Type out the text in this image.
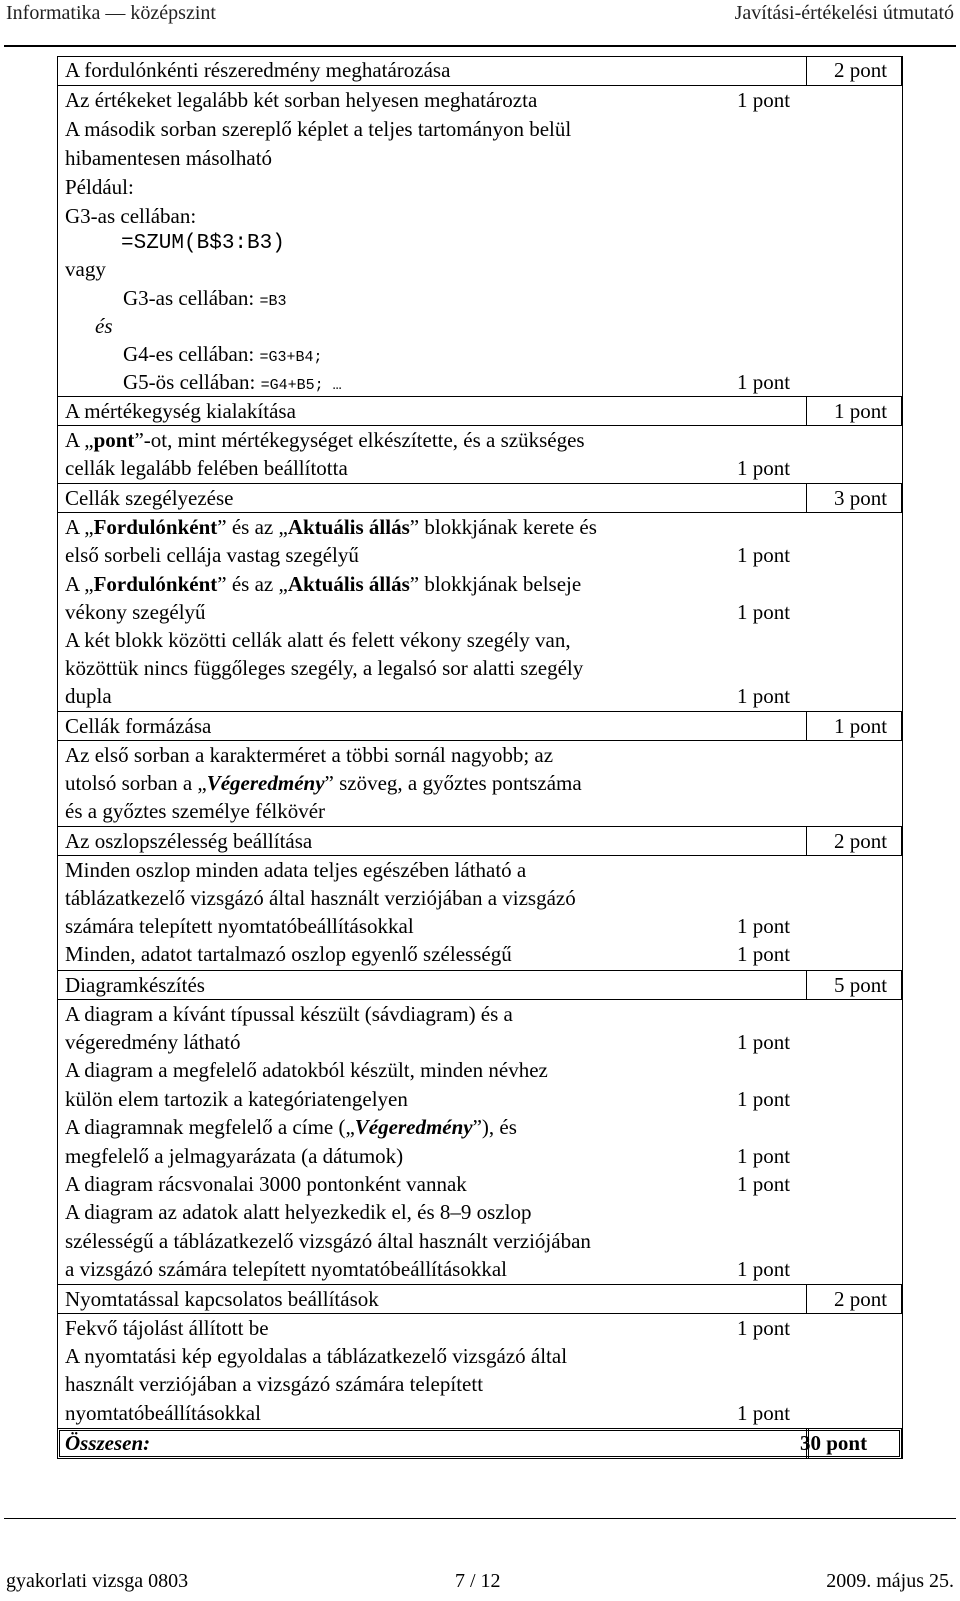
Informatika — középszint	Javítási-értékelési útmutató
A fordulónkénti részeredmény meghatározása	2 pont
Az értékeket legalább két sorban helyesen meghatározta	1 pont
A második sorban szereplő képlet a teljes tartományon belül
hibamentesen másolható
Például:
G3-as cellában:
=SZUM(B$3:B3)
vagy
G3-as cellában: =B3
és
G4-es cellában: =G3+B4;
G5-ös cellában: =G4+B5; …	1 pont
A mértékegység kialakítása	1 pont
A „pont”-ot, mint mértékegységet elkészítette, és a szükséges
cellák legalább felében beállította	1 pont
Cellák szegélyezése	3 pont
A „Fordulónként” és az „Aktuális állás” blokkjának kerete és
első sorbeli cellája vastag szegélyű	1 pont
A „Fordulónként” és az „Aktuális állás” blokkjának belseje
vékony szegélyű	1 pont
A két blokk közötti cellák alatt és felett vékony szegély van,
közöttük nincs függőleges szegély, a legalsó sor alatti szegély
dupla	1 pont
Cellák formázása	1 pont
Az első sorban a karakterméret a többi sornál nagyobb; az
utolsó sorban a „Végeredmény” szöveg, a győztes pontszáma
és a győztes személye félkövér
Az oszlopszélesség beállítása	2 pont
Minden oszlop minden adata teljes egészében látható a
táblázatkezelő vizsgázó által használt verziójában a vizsgázó
számára telepített nyomtatóbeállításokkal	1 pont
Minden, adatot tartalmazó oszlop egyenlő szélességű	1 pont
Diagramkészítés	5 pont
A diagram a kívánt típussal készült (sávdiagram) és a
végeredmény látható	1 pont
A diagram a megfelelő adatokból készült, minden névhez
külön elem tartozik a kategóriatengelyen	1 pont
A diagramnak megfelelő a címe („Végeredmény”), és
megfelelő a jelmagyarázata (a dátumok)	1 pont
A diagram rácsvonalai 3000 pontonként vannak	1 pont
A diagram az adatok alatt helyezkedik el, és 8–9 oszlop
szélességű a táblázatkezelő vizsgázó által használt verziójában
a vizsgázó számára telepített nyomtatóbeállításokkal	1 pont
Nyomtatással kapcsolatos beállítások	2 pont
Fekvő tájolást állított be	1 pont
A nyomtatási kép egyoldalas a táblázatkezelő vizsgázó által
használt verziójában a vizsgázó számára telepített
nyomtatóbeállításokkal	1 pont
Összesen:	30 pont
gyakorlati vizsga 0803	7 / 12	2009. május 25.
